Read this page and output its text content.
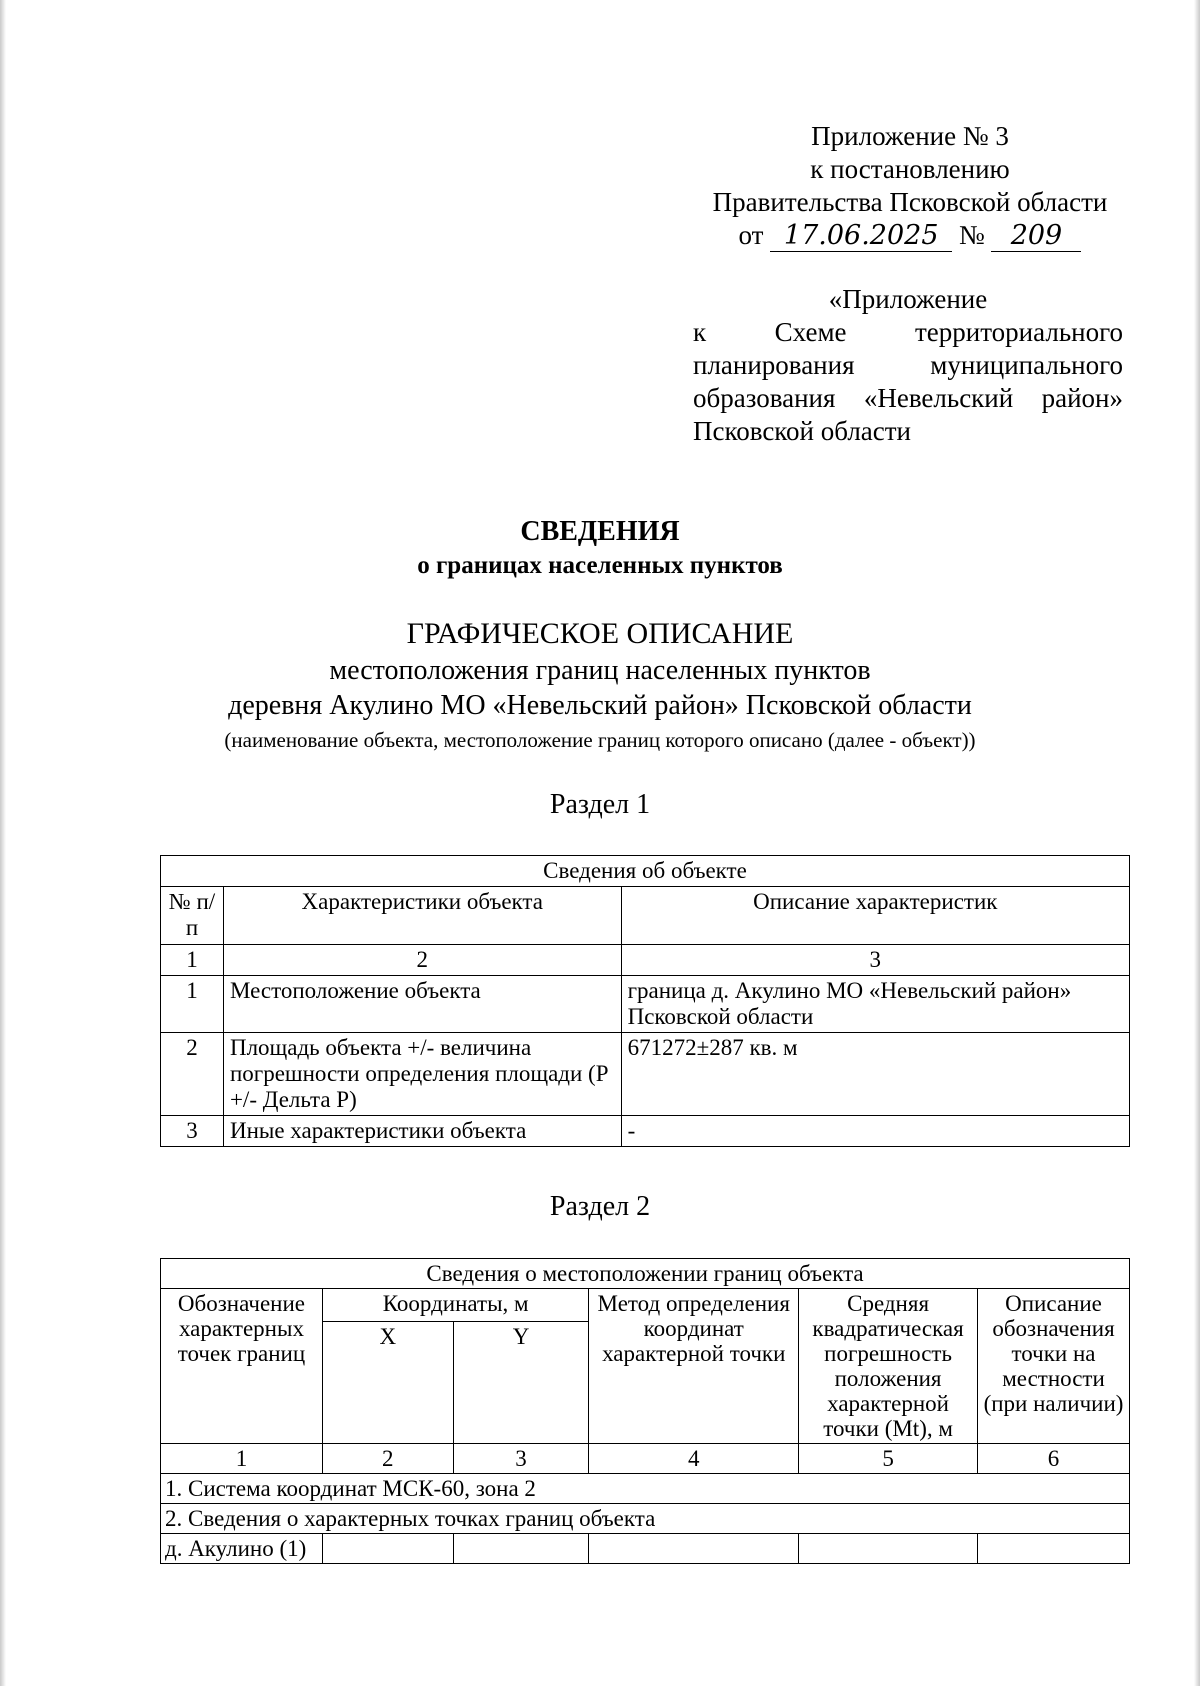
Приложение № 3
к постановлению
Правительства Псковской области
от 17.06.2025 № 209
«Приложение
к Схеме территориального
планирования муниципального
образования «Невельский район»
Псковской области
СВЕДЕНИЯ
о границах населенных пунктов
ГРАФИЧЕСКОЕ ОПИСАНИЕ
местоположения границ населенных пунктов
деревня Акулино МО «Невельский район» Псковской области
(наименование объекта, местоположение границ которого описано (далее - объект))
Раздел 1
Сведения об объекте		
№ п/п	Характеристики объекта	Описание характеристик
1	2	3
1	Местоположение объекта	граница д. Акулино МО «Невельский район» Псковской области
2	Площадь объекта +/- величина погрешности определения площади (P +/- Дельта P)	671272±287 кв. м
3	Иные характеристики объекта	-
Раздел 2
Сведения о местоположении границ объекта					
Обозначение характерных точек границ	Координаты, м		Метод определения координат характерной точки	Средняя квадратическая погрешность положения характерной точки (Mt), м	Описание обозначения точки на местности (при наличии)
	X	Y			
1	2	3	4	5	6
1. Система координат МСК-60, зона 2					
2. Сведения о характерных точках границ объекта					
д. Акулино (1)					
